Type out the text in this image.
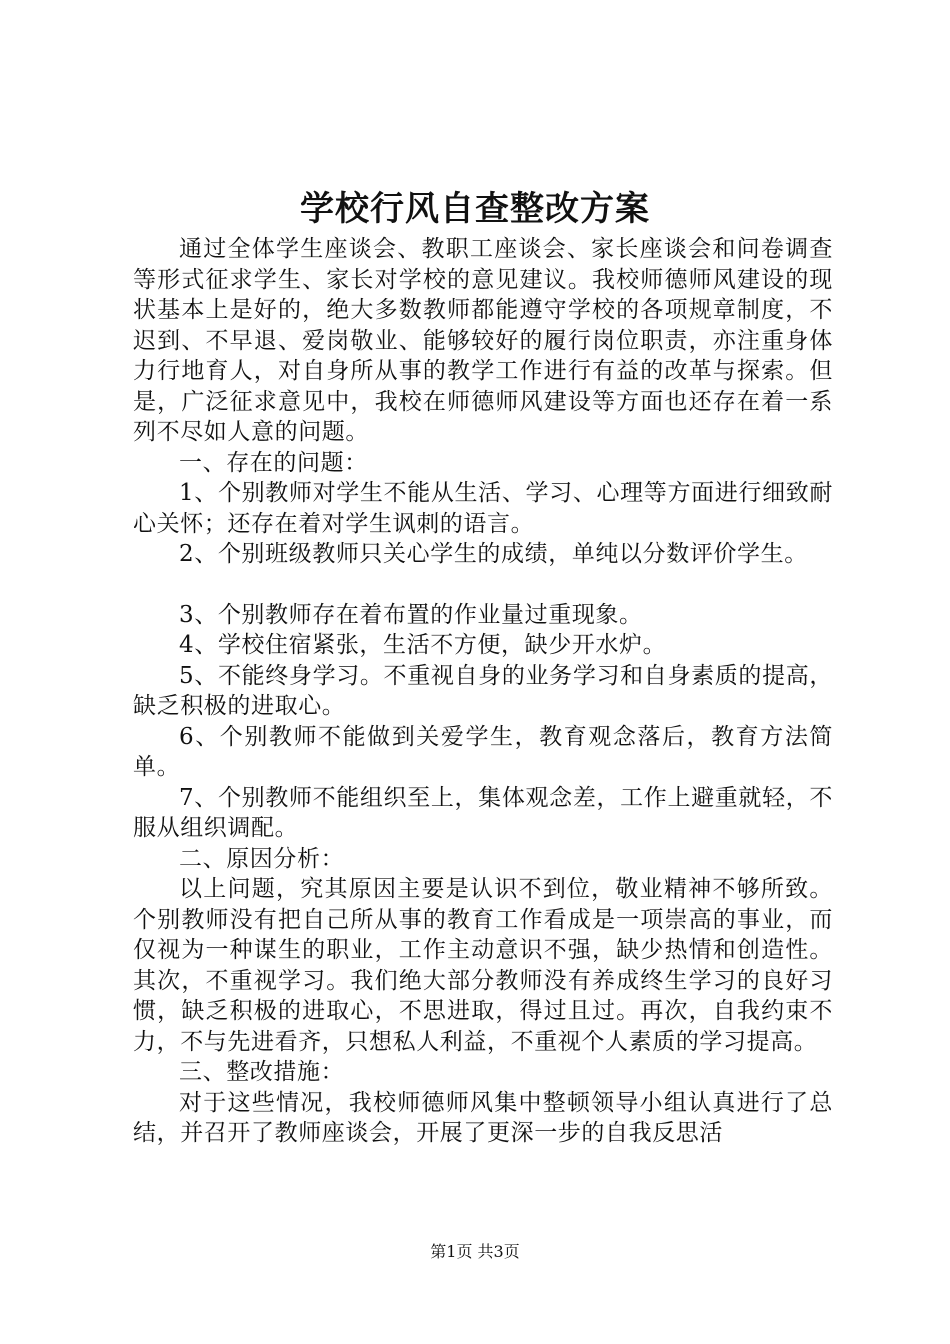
学校行风自查整改方案

通过全体学生座谈会、教职工座谈会、家长座谈会和问卷调查等形式征求学生、家长对学校的意见建议。我校师德师风建设的现状基本上是好的，绝大多数教师都能遵守学校的各项规章制度，不迟到、不早退、爱岗敬业、能够较好的履行岗位职责，亦注重身体力行地育人，对自身所从事的教学工作进行有益的改革与探索。但是，广泛征求意见中，我校在师德师风建设等方面也还存在着一系列不尽如人意的问题。

一、存在的问题：

1、个别教师对学生不能从生活、学习、心理等方面进行细致耐心关怀；还存在着对学生讽刺的语言。

2、个别班级教师只关心学生的成绩，单纯以分数评价学生。

3、个别教师存在着布置的作业量过重现象。

4、学校住宿紧张，生活不方便，缺少开水炉。

5、不能终身学习。不重视自身的业务学习和自身素质的提高，缺乏积极的进取心。

6、个别教师不能做到关爱学生，教育观念落后，教育方法简单。

7、个别教师不能组织至上，集体观念差，工作上避重就轻，不服从组织调配。

二、原因分析：

以上问题，究其原因主要是认识不到位，敬业精神不够所致。个别教师没有把自己所从事的教育工作看成是一项崇高的事业，而仅视为一种谋生的职业，工作主动意识不强，缺少热情和创造性。其次，不重视学习。我们绝大部分教师没有养成终生学习的良好习惯，缺乏积极的进取心，不思进取，得过且过。再次，自我约束不力，不与先进看齐，只想私人利益，不重视个人素质的学习提高。

三、整改措施：

对于这些情况，我校师德师风集中整顿领导小组认真进行了总结，并召开了教师座谈会，开展了更深一步的自我反思活

第1页 共3页
